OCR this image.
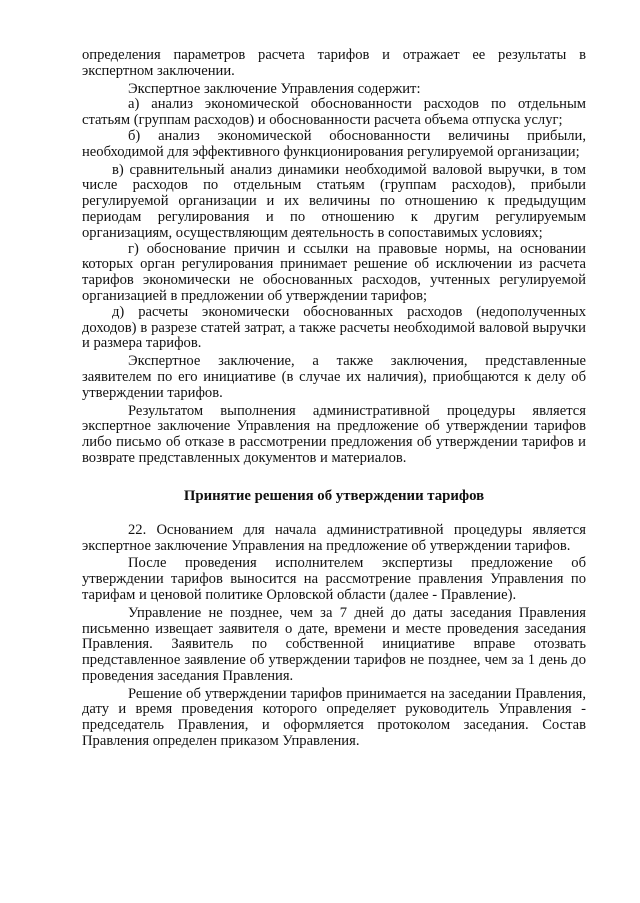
определения параметров расчета тарифов и отражает ее результаты в экспертном заключении.

Экспертное заключение Управления содержит:

а) анализ экономической обоснованности расходов по отдельным статьям (группам расходов) и обоснованности расчета объема отпуска услуг;

б) анализ экономической обоснованности величины прибыли, необходимой для эффективного функционирования регулируемой организации;

в) сравнительный анализ динамики необходимой валовой выручки, в том числе расходов по отдельным статьям (группам расходов), прибыли регулируемой организации и их величины по отношению к предыдущим периодам регулирования и по отношению к другим регулируемым организациям, осуществляющим деятельность в сопоставимых условиях;

г) обоснование причин и ссылки на правовые нормы, на основании которых орган регулирования принимает решение об исключении из расчета тарифов экономически не обоснованных расходов, учтенных регулируемой организацией в предложении об утверждении тарифов;

д) расчеты экономически обоснованных расходов (недополученных доходов) в разрезе статей затрат, а также расчеты необходимой валовой выручки и размера тарифов.

Экспертное заключение, а также заключения, представленные заявителем по его инициативе (в случае их наличия), приобщаются к делу об утверждении тарифов.

Результатом выполнения административной процедуры является экспертное заключение Управления на предложение об утверждении тарифов либо письмо об отказе в рассмотрении предложения об утверждении тарифов и возврате представленных документов и материалов.

Принятие решения об утверждении тарифов

22. Основанием для начала административной процедуры является экспертное заключение Управления на предложение об утверждении тарифов.

После проведения исполнителем экспертизы предложение об утверждении тарифов выносится на рассмотрение правления Управления по тарифам и ценовой политике Орловской области (далее - Правление).

Управление не позднее, чем за 7 дней до даты заседания Правления письменно извещает заявителя о дате, времени и месте проведения заседания Правления. Заявитель по собственной инициативе вправе отозвать представленное заявление об утверждении тарифов не позднее, чем за 1 день до проведения заседания Правления.

Решение об утверждении тарифов принимается на заседании Правления, дату и время проведения которого определяет руководитель Управления - председатель Правления, и оформляется протоколом заседания. Состав Правления определен приказом Управления.
